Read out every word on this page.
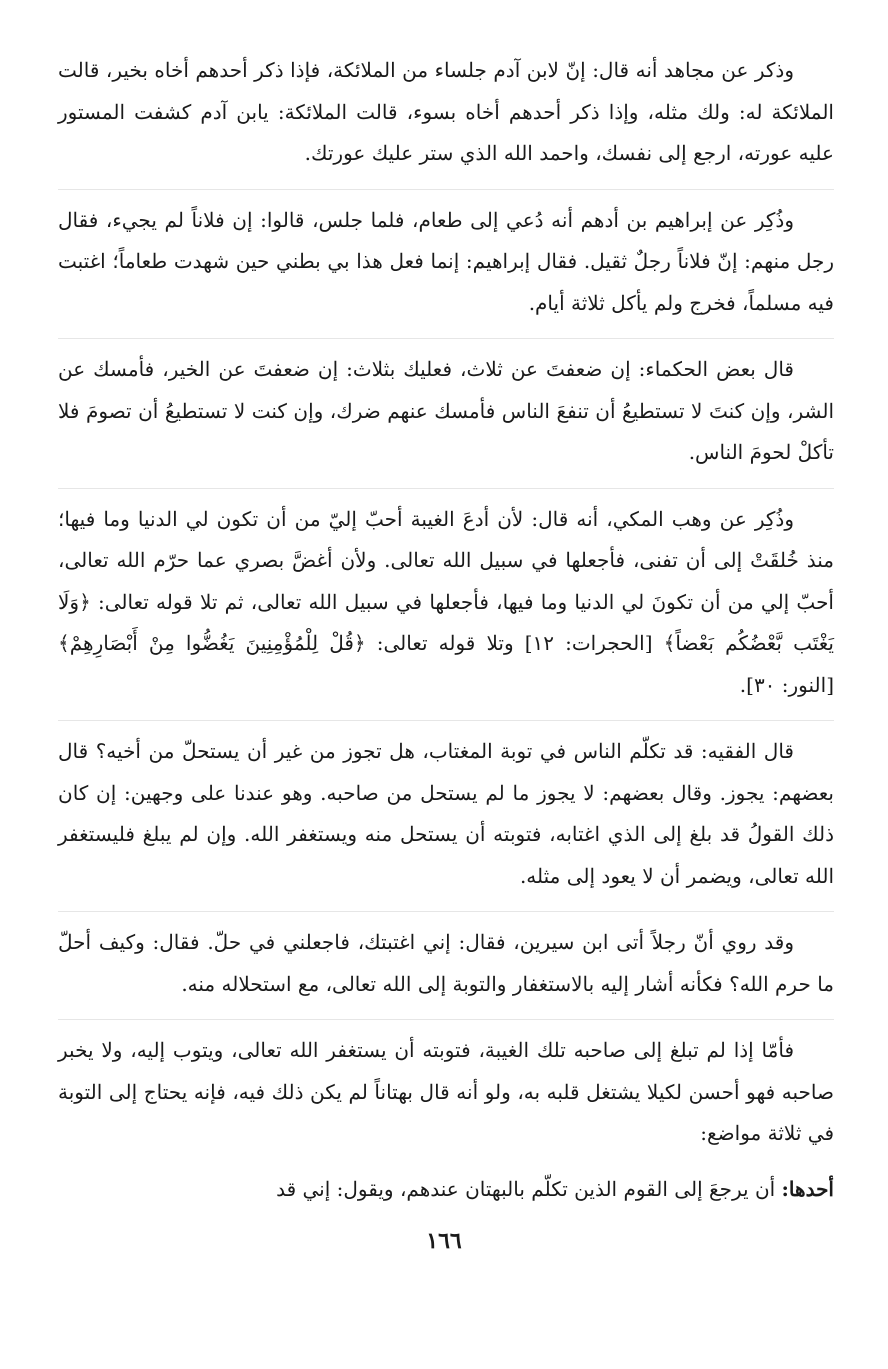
وذكر عن مجاهد أنه قال: إنّ لابن آدم جلساء من الملائكة، فإذا ذكر أحدهم أخاه بخير، قالت الملائكة له: ولك مثله، وإذا ذكر أحدهم أخاه بسوء، قالت الملائكة: يابن آدم كشفت المستور عليه عورته، ارجع إلى نفسك، واحمد الله الذي ستر عليك عورتك.

وذُكِر عن إبراهيم بن أدهم أنه دُعي إلى طعام، فلما جلس، قالوا: إن فلاناً لم يجيء، فقال رجل منهم: إنّ فلاناً رجلٌ ثقيل. فقال إبراهيم: إنما فعل هذا بي بطني حين شهدت طعاماً؛ اغتبت فيه مسلماً، فخرج ولم يأكل ثلاثة أيام.

قال بعض الحكماء: إن ضعفتَ عن ثلاث، فعليك بثلاث: إن ضعفتَ عن الخير، فأمسك عن الشر، وإن كنتَ لا تستطيعُ أن تنفعَ الناس فأمسك عنهم ضرك، وإن كنت لا تستطيعُ أن تصومَ فلا تأكلْ لحومَ الناس.

وذُكِر عن وهب المكي، أنه قال: لأن أدعَ الغيبة أحبّ إليّ من أن تكون لي الدنيا وما فيها؛ منذ خُلقَتْ إلى أن تفنى، فأجعلها في سبيل الله تعالى. ولأن أغضَّ بصري عما حرّم الله تعالى، أحبّ إلي من أن تكونَ لي الدنيا وما فيها، فأجعلها في سبيل الله تعالى، ثم تلا قوله تعالى: ﴿وَلَا يَغْتَب بَّعْضُكُم بَعْضاً﴾ [الحجرات: ١٢] وتلا قوله تعالى: ﴿قُلْ لِلْمُؤْمِنِينَ يَغُضُّوا مِنْ أَبْصَارِهِمْ﴾ [النور: ٣٠].

قال الفقيه: قد تكلّم الناس في توبة المغتاب، هل تجوز من غير أن يستحلّ من أخيه؟ قال بعضهم: يجوز. وقال بعضهم: لا يجوز ما لم يستحل من صاحبه. وهو عندنا على وجهين: إن كان ذلك القولُ قد بلغ إلى الذي اغتابه، فتوبته أن يستحل منه ويستغفر الله. وإن لم يبلغ فليستغفر الله تعالى، ويضمر أن لا يعود إلى مثله.

وقد روي أنّ رجلاً أتى ابن سيرين، فقال: إني اغتبتك، فاجعلني في حلّ. فقال: وكيف أحلّ ما حرم الله؟ فكأنه أشار إليه بالاستغفار والتوبة إلى الله تعالى، مع استحلاله منه.

فأمّا إذا لم تبلغ إلى صاحبه تلك الغيبة، فتوبته أن يستغفر الله تعالى، ويتوب إليه، ولا يخبر صاحبه فهو أحسن لكيلا يشتغل قلبه به، ولو أنه قال بهتاناً لم يكن ذلك فيه، فإنه يحتاج إلى التوبة في ثلاثة مواضع:

أحدها: أن يرجعَ إلى القوم الذين تكلّم بالبهتان عندهم، ويقول: إني قد

١٦٦
